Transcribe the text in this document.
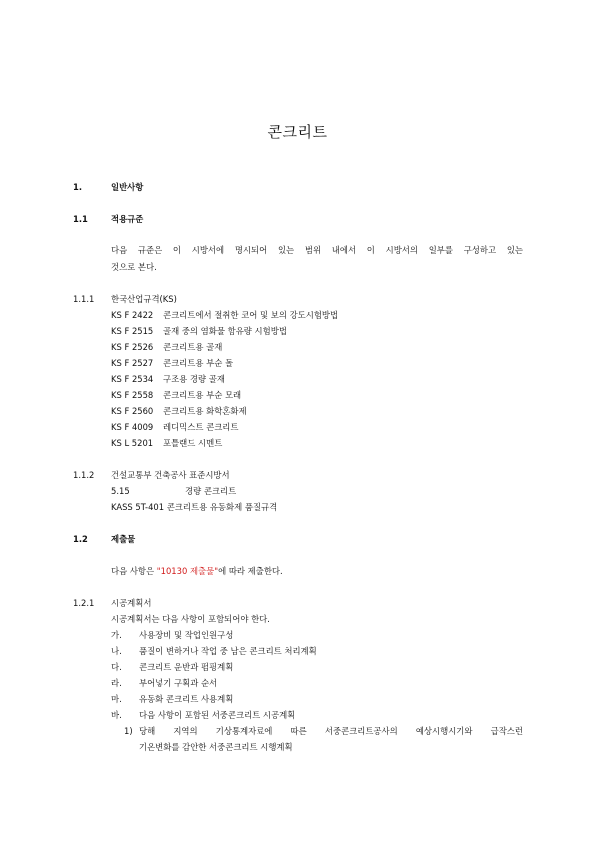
콘크리트
1.	일반사항
1.1	적용규준
다음 규준은 이 시방서에 명시되어 있는 범위 내에서 이 시방서의 일부를 구성하고 있는
것으로 본다.
1.1.1 한국산업규격(KS)
KS F 2422 콘크리트에서 절취한 코어 및 보의 강도시험방법
KS F 2515 골재 중의 염화물 함유량 시험방법
KS F 2526 콘크리트용 골재
KS F 2527 콘크리트용 부순 돌
KS F 2534 구조용 경량 골재
KS F 2558 콘크리트용 부순 모래
KS F 2560 콘크리트용 화학혼화제
KS F 4009 레디믹스트 콘크리트
KS L 5201 포틀랜드 시멘트
1.1.2 건설교통부 건축공사 표준시방서
5.15	경량 콘크리트
KASS 5T-401 콘크리트용 유동화제 품질규격
1.2	제출물
다음 사항은 "10130 제출물"에 따라 제출한다.
1.2.1 시공계획서
시공계획서는 다음 사항이 포함되어야 한다.
가. 사용장비 및 작업인원구성
나. 품질이 변하거나 작업 중 남은 콘크리트 처리계획
다. 콘크리트 운반과 펌핑계획
라. 부어넣기 구획과 순서
마. 유동화 콘크리트 사용계획
바. 다음 사항이 포함된 서중콘크리트 시공계획
1) 당해 지역의 기상통계자료에 따른 서중콘크리트공사의 예상시행시기와 급작스런
기온변화를 감안한 서중콘크리트 시행계획
